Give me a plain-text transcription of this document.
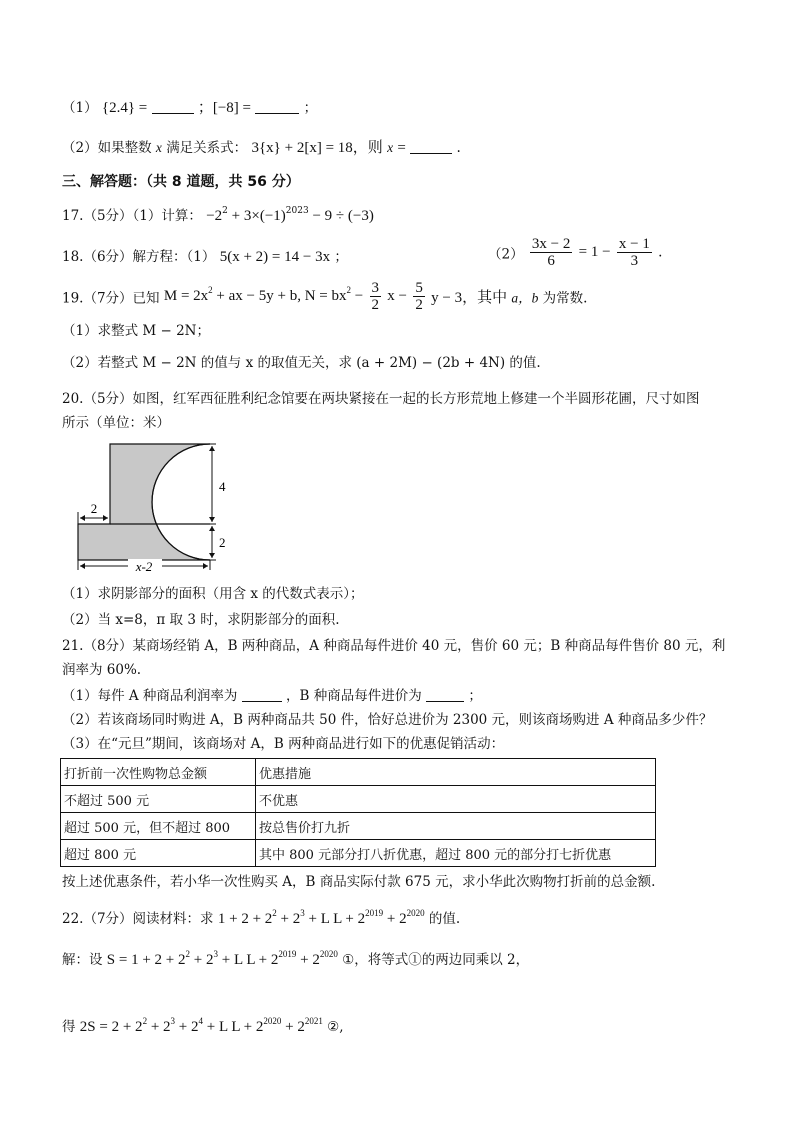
（1） {2.4} =	；[−8] =	；
（2）如果整数 x 满足关系式： 3{x} + 2[x] = 18，则 x =	.
三、解答题：（共 8 道题，共 56 分）
17.（5分）（1）计算： $-2^2 + 3\times(-1)^{2023} - 9 \div (-3)$
18.（6分）解方程：（1） 5(x + 2) = 14 − 3x ；	$(2) \frac{3x - 2}{6} = 1 - \frac{x - 1}{3}$ .
19.（7分）已知 $M = 2x^2$ + ax − 5y + b, $N = bx^2 - \frac{3}{2}$ $x - \frac{5}{2}$ y − 3，其中 a，b 为常数.
（1）求整式 M − 2N；
（2）若整式 M − 2N 的值与 x 的取值无关，求 (a + 2M) − (2b + 4N) 的值.
20.（5分）如图，红军西征胜利纪念馆要在两块紧接在一起的长方形荒地上修建一个半圆形花圃，尺寸如图
所示（单位：米）
2
4
2
x-2
（1）求阴影部分的面积（用含 x 的代数式表示）；
（2）当 x=8，π 取 3 时，求阴影部分的面积.
21.（8分）某商场经销 A，B 两种商品，A 种商品每件进价 40 元，售价 60 元；B 种商品每件售价 80 元，利
润率为 60%.
（1）每件 A 种商品利润率为	，B 种商品每件进价为	；
（2）若该商场同时购进 A，B 两种商品共 50 件，恰好总进价为 2300 元，则该商场购进 A 种商品多少件？
（3）在“元旦”期间，该商场对 A，B 两种商品进行如下的优惠促销活动：
打折前一次性购物总金额	优惠措施
不超过 500 元	不优惠
超过 500 元，但不超过 800	按总售价打九折
超过 800 元	其中 800 元部分打八折优惠，超过 800 元的部分打七折优惠
按上述优惠条件，若小华一次性购买 A，B 商品实际付款 675 元，求小华此次购物打折前的总金额.
22.（7分）阅读材料：求 $1 + 2 + 2^2 + 2^3 + L$ $L + 2^{2019} + 2^{2020}$ 的值.
解：设 $S = 1 + 2 + 2^2 + 2^3 + L$ $L + 2^{2019} + 2^{2020}$ ①，将等式①的两边同乘以 2，
得 $2S = 2 + 2^2 + 2^3 + 2^4 + L$ $L + 2^{2020} + 2^{2021}$ ②,
